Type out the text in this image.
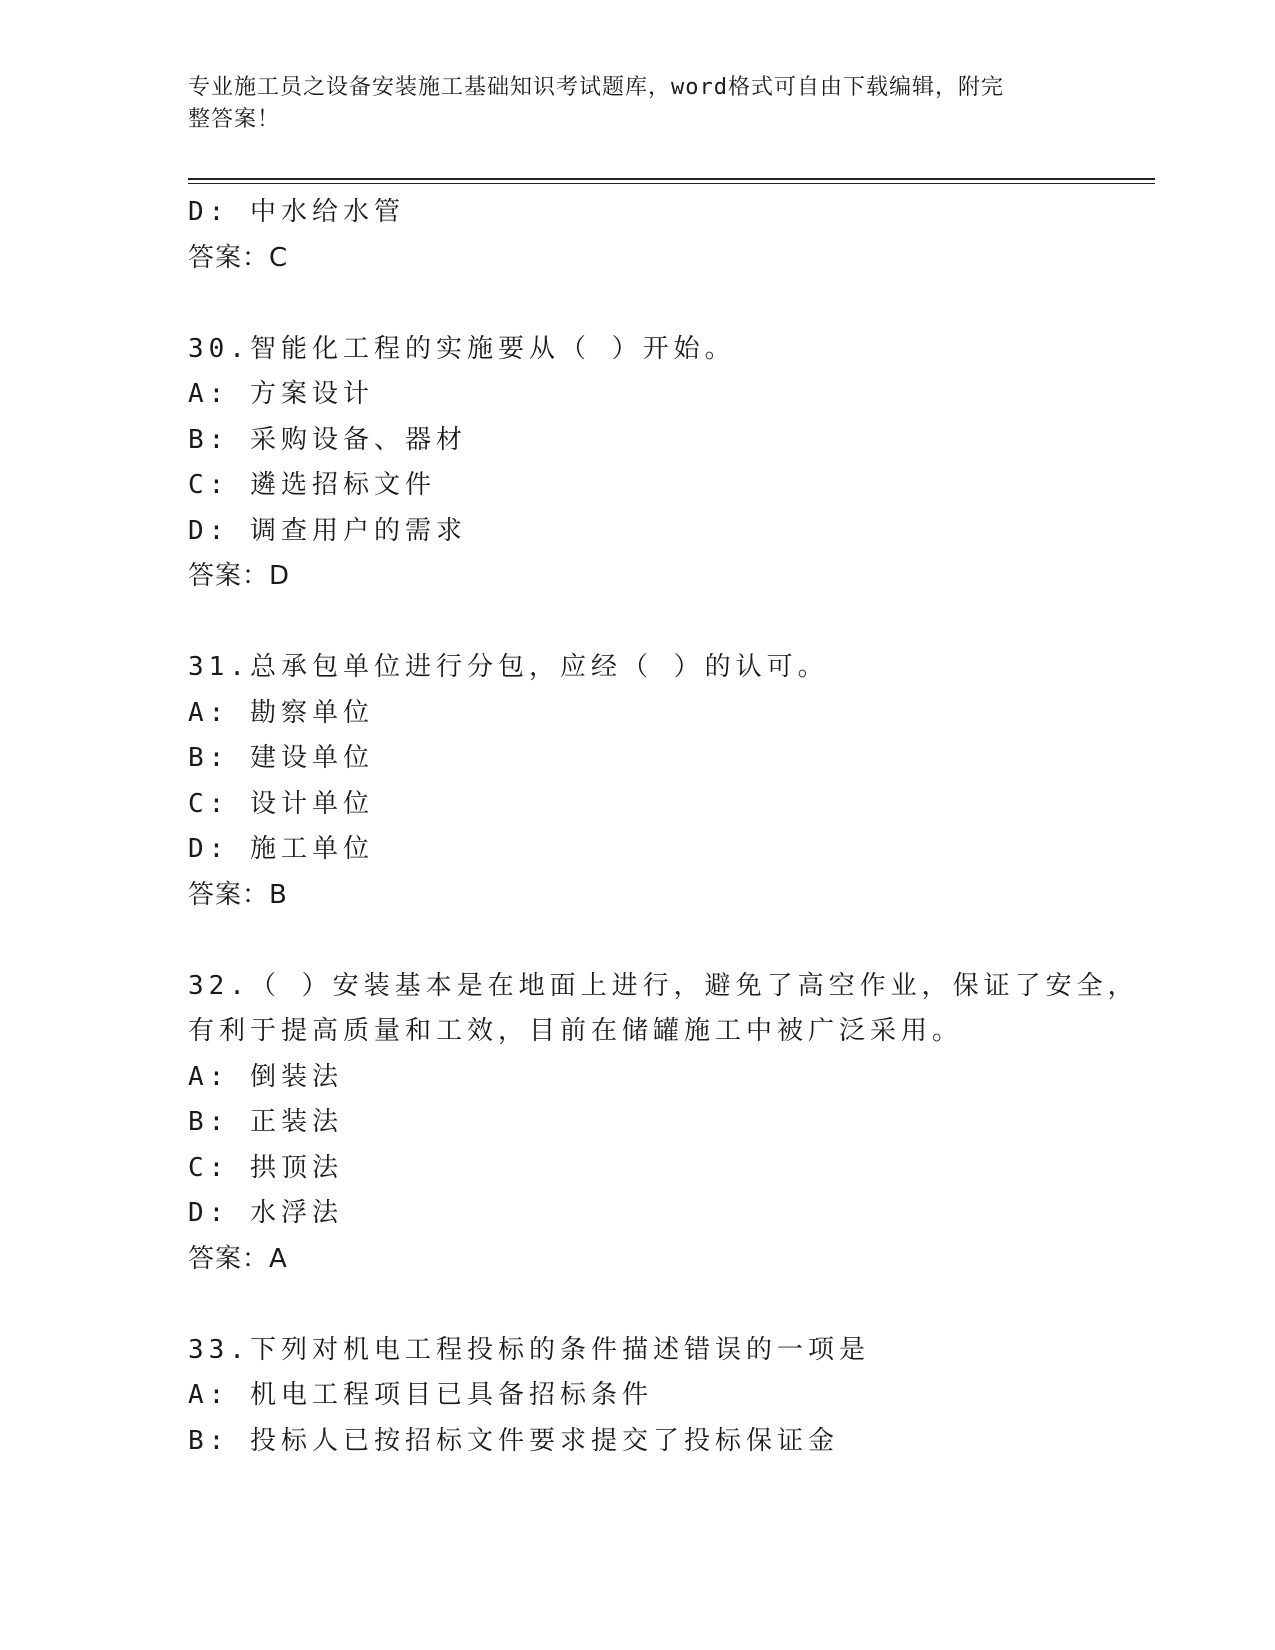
专业施工员之设备安装施工基础知识考试题库，word格式可自由下载编辑，附完
整答案！
D: 中水给水管
答案：C
30.智能化工程的实施要从（ ）开始。
A: 方案设计
B: 采购设备、器材
C: 遴选招标文件
D: 调查用户的需求
答案：D
31.总承包单位进行分包，应经（ ）的认可。
A: 勘察单位
B: 建设单位
C: 设计单位
D: 施工单位
答案：B
32.（ ）安装基本是在地面上进行，避免了高空作业，保证了安全，
有利于提高质量和工效，目前在储罐施工中被广泛采用。
A: 倒装法
B: 正装法
C: 拱顶法
D: 水浮法
答案：A
33.下列对机电工程投标的条件描述错误的一项是
A: 机电工程项目已具备招标条件
B: 投标人已按招标文件要求提交了投标保证金
